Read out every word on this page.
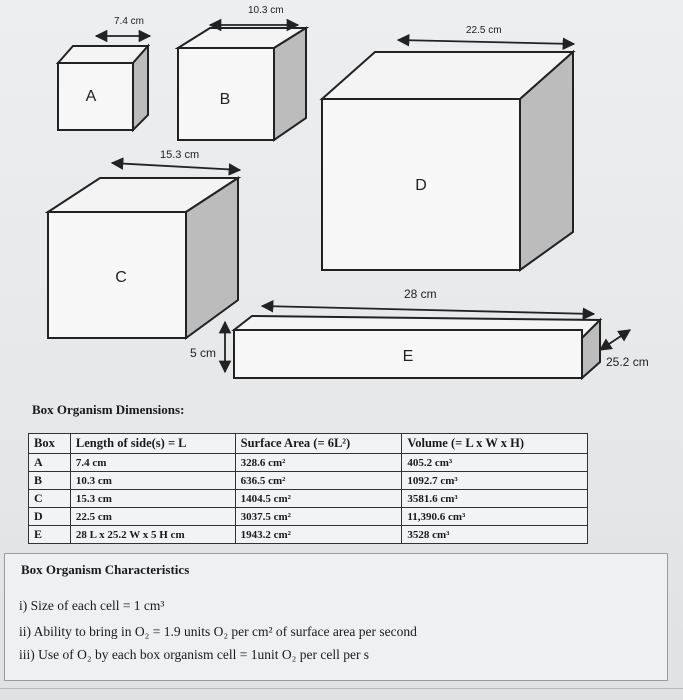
A
7.4 cm
B
10.3 cm
C
15.3 cm
D
22.5 cm
E
28 cm
25.2 cm
5 cm
Box Organism Dimensions:
Box	Length of side(s) = L	Surface Area (= 6L²)	Volume (= L x W x H)
A	7.4 cm	328.6 cm²	405.2 cm³
B	10.3 cm	636.5 cm²	1092.7 cm³
C	15.3 cm	1404.5 cm²	3581.6 cm³
D	22.5 cm	3037.5 cm²	11,390.6 cm³
E	28 L x 25.2 W x 5 H cm	1943.2 cm²	3528 cm³
Box Organism Characteristics
i) Size of each cell = 1 cm³
ii) Ability to bring in O₂ = 1.9 units O₂ per cm² of surface area per second
iii) Use of O₂ by each box organism cell = 1unit O₂ per cell per s
